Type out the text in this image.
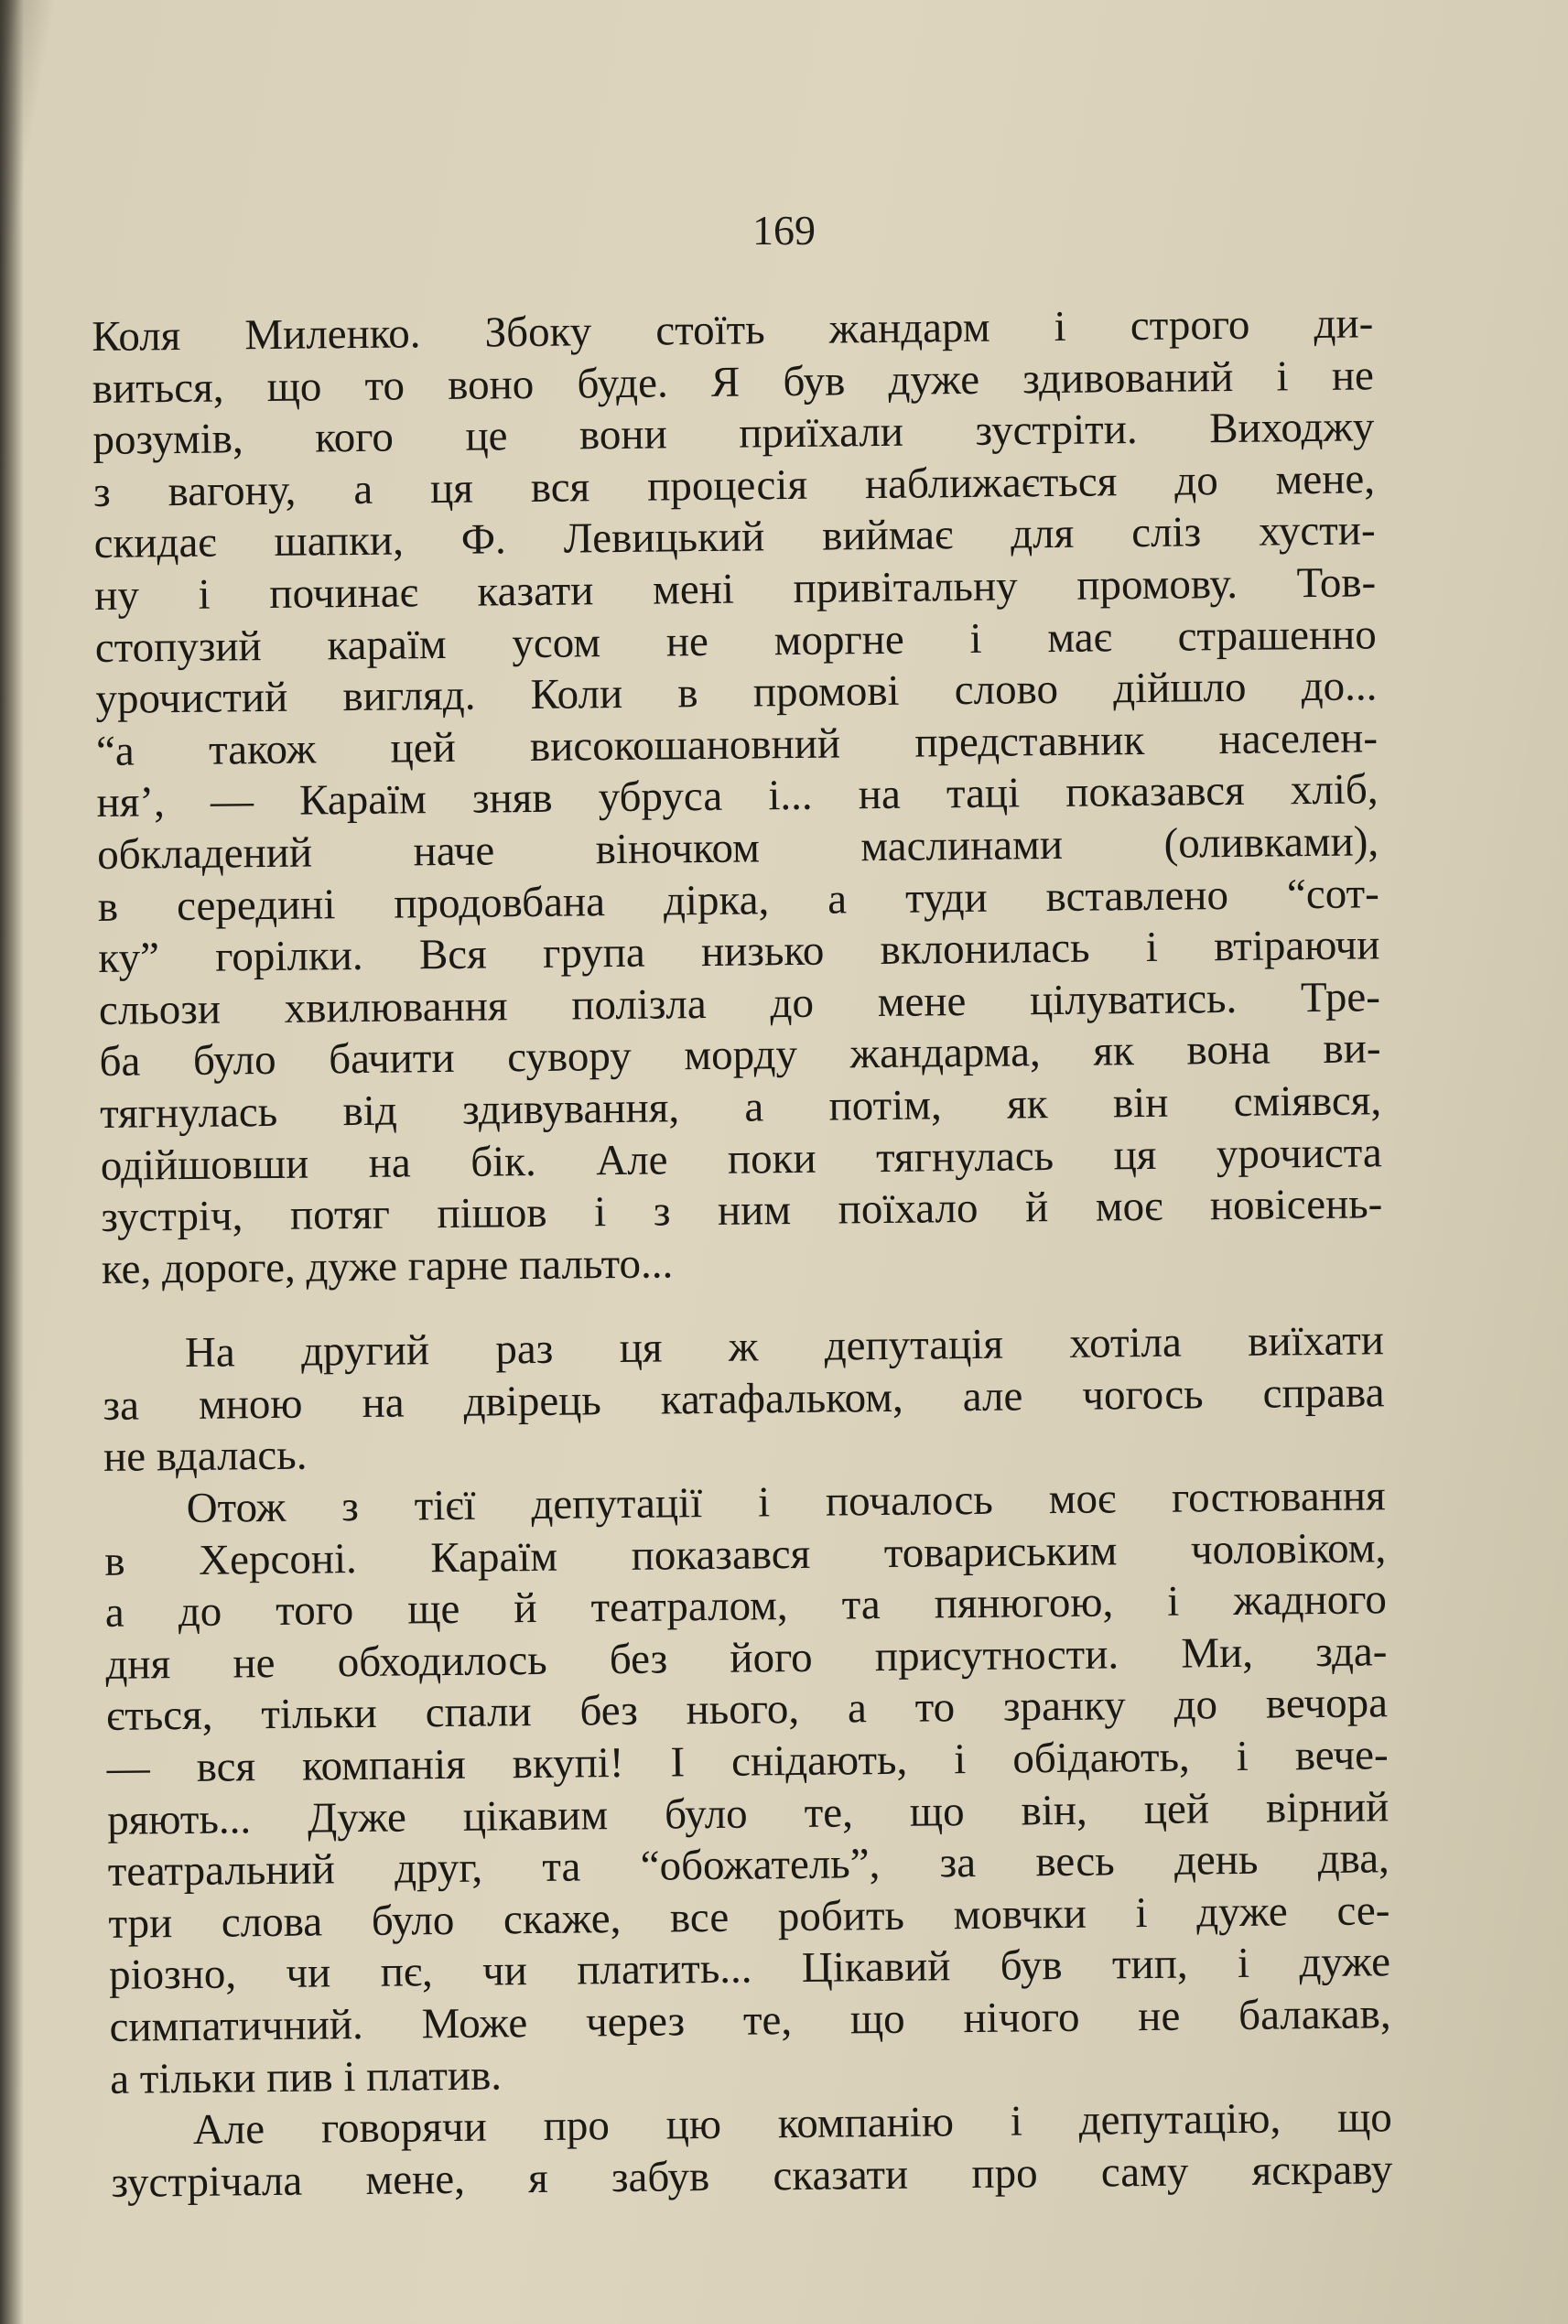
169
Коля Миленко. Збоку стоїть жандарм і строго ди-
виться, що то воно буде. Я був дуже здивований і не
розумів, кого це вони приїхали зустріти. Виходжу
з вагону, а ця вся процесія наближається до мене,
скидає шапки, Ф. Левицький виймає для сліз хусти-
ну і починає казати мені привітальну промову. Тов-
стопузий караїм усом не моргне і має страшенно
урочистий вигляд. Коли в промові слово дійшло до...
“а також цей високошановний представник населен-
ня’, — Караїм зняв убруса і... на таці показався хліб,
обкладений наче віночком маслинами (оливками),
в середині продовбана дірка, а туди вставлено “сот-
ку” горілки. Вся група низько вклонилась і втіраючи
сльози хвилювання полізла до мене цілуватись. Тре-
ба було бачити сувору морду жандарма, як вона ви-
тягнулась від здивування, а потім, як він сміявся,
одійшовши на бік. Але поки тягнулась ця урочиста
зустріч, потяг пішов і з ним поїхало й моє новісень-
ке, дороге, дуже гарне пальто...
На другий раз ця ж депутація хотіла виїхати
за мною на двірець катафальком, але чогось справа
не вдалась.
Отож з тієї депутації і почалось моє гостювання
в Херсоні. Караїм показався товариським чоловіком,
а до того ще й театралом, та пянюгою, і жадного
дня не обходилось без його присутности. Ми, зда-
ється, тільки спали без нього, а то зранку до вечора
— вся компанія вкупі! І снідають, і обідають, і вече-
ряють... Дуже цікавим було те, що він, цей вірний
театральний друг, та “обожатель”, за весь день два,
три слова було скаже, все робить мовчки і дуже се-
ріозно, чи пє, чи платить... Цікавий був тип, і дуже
симпатичний. Може через те, що нічого не балакав,
а тільки пив і платив.
Але говорячи про цю компанію і депутацію, що
зустрічала мене, я забув сказати про саму яскраву
